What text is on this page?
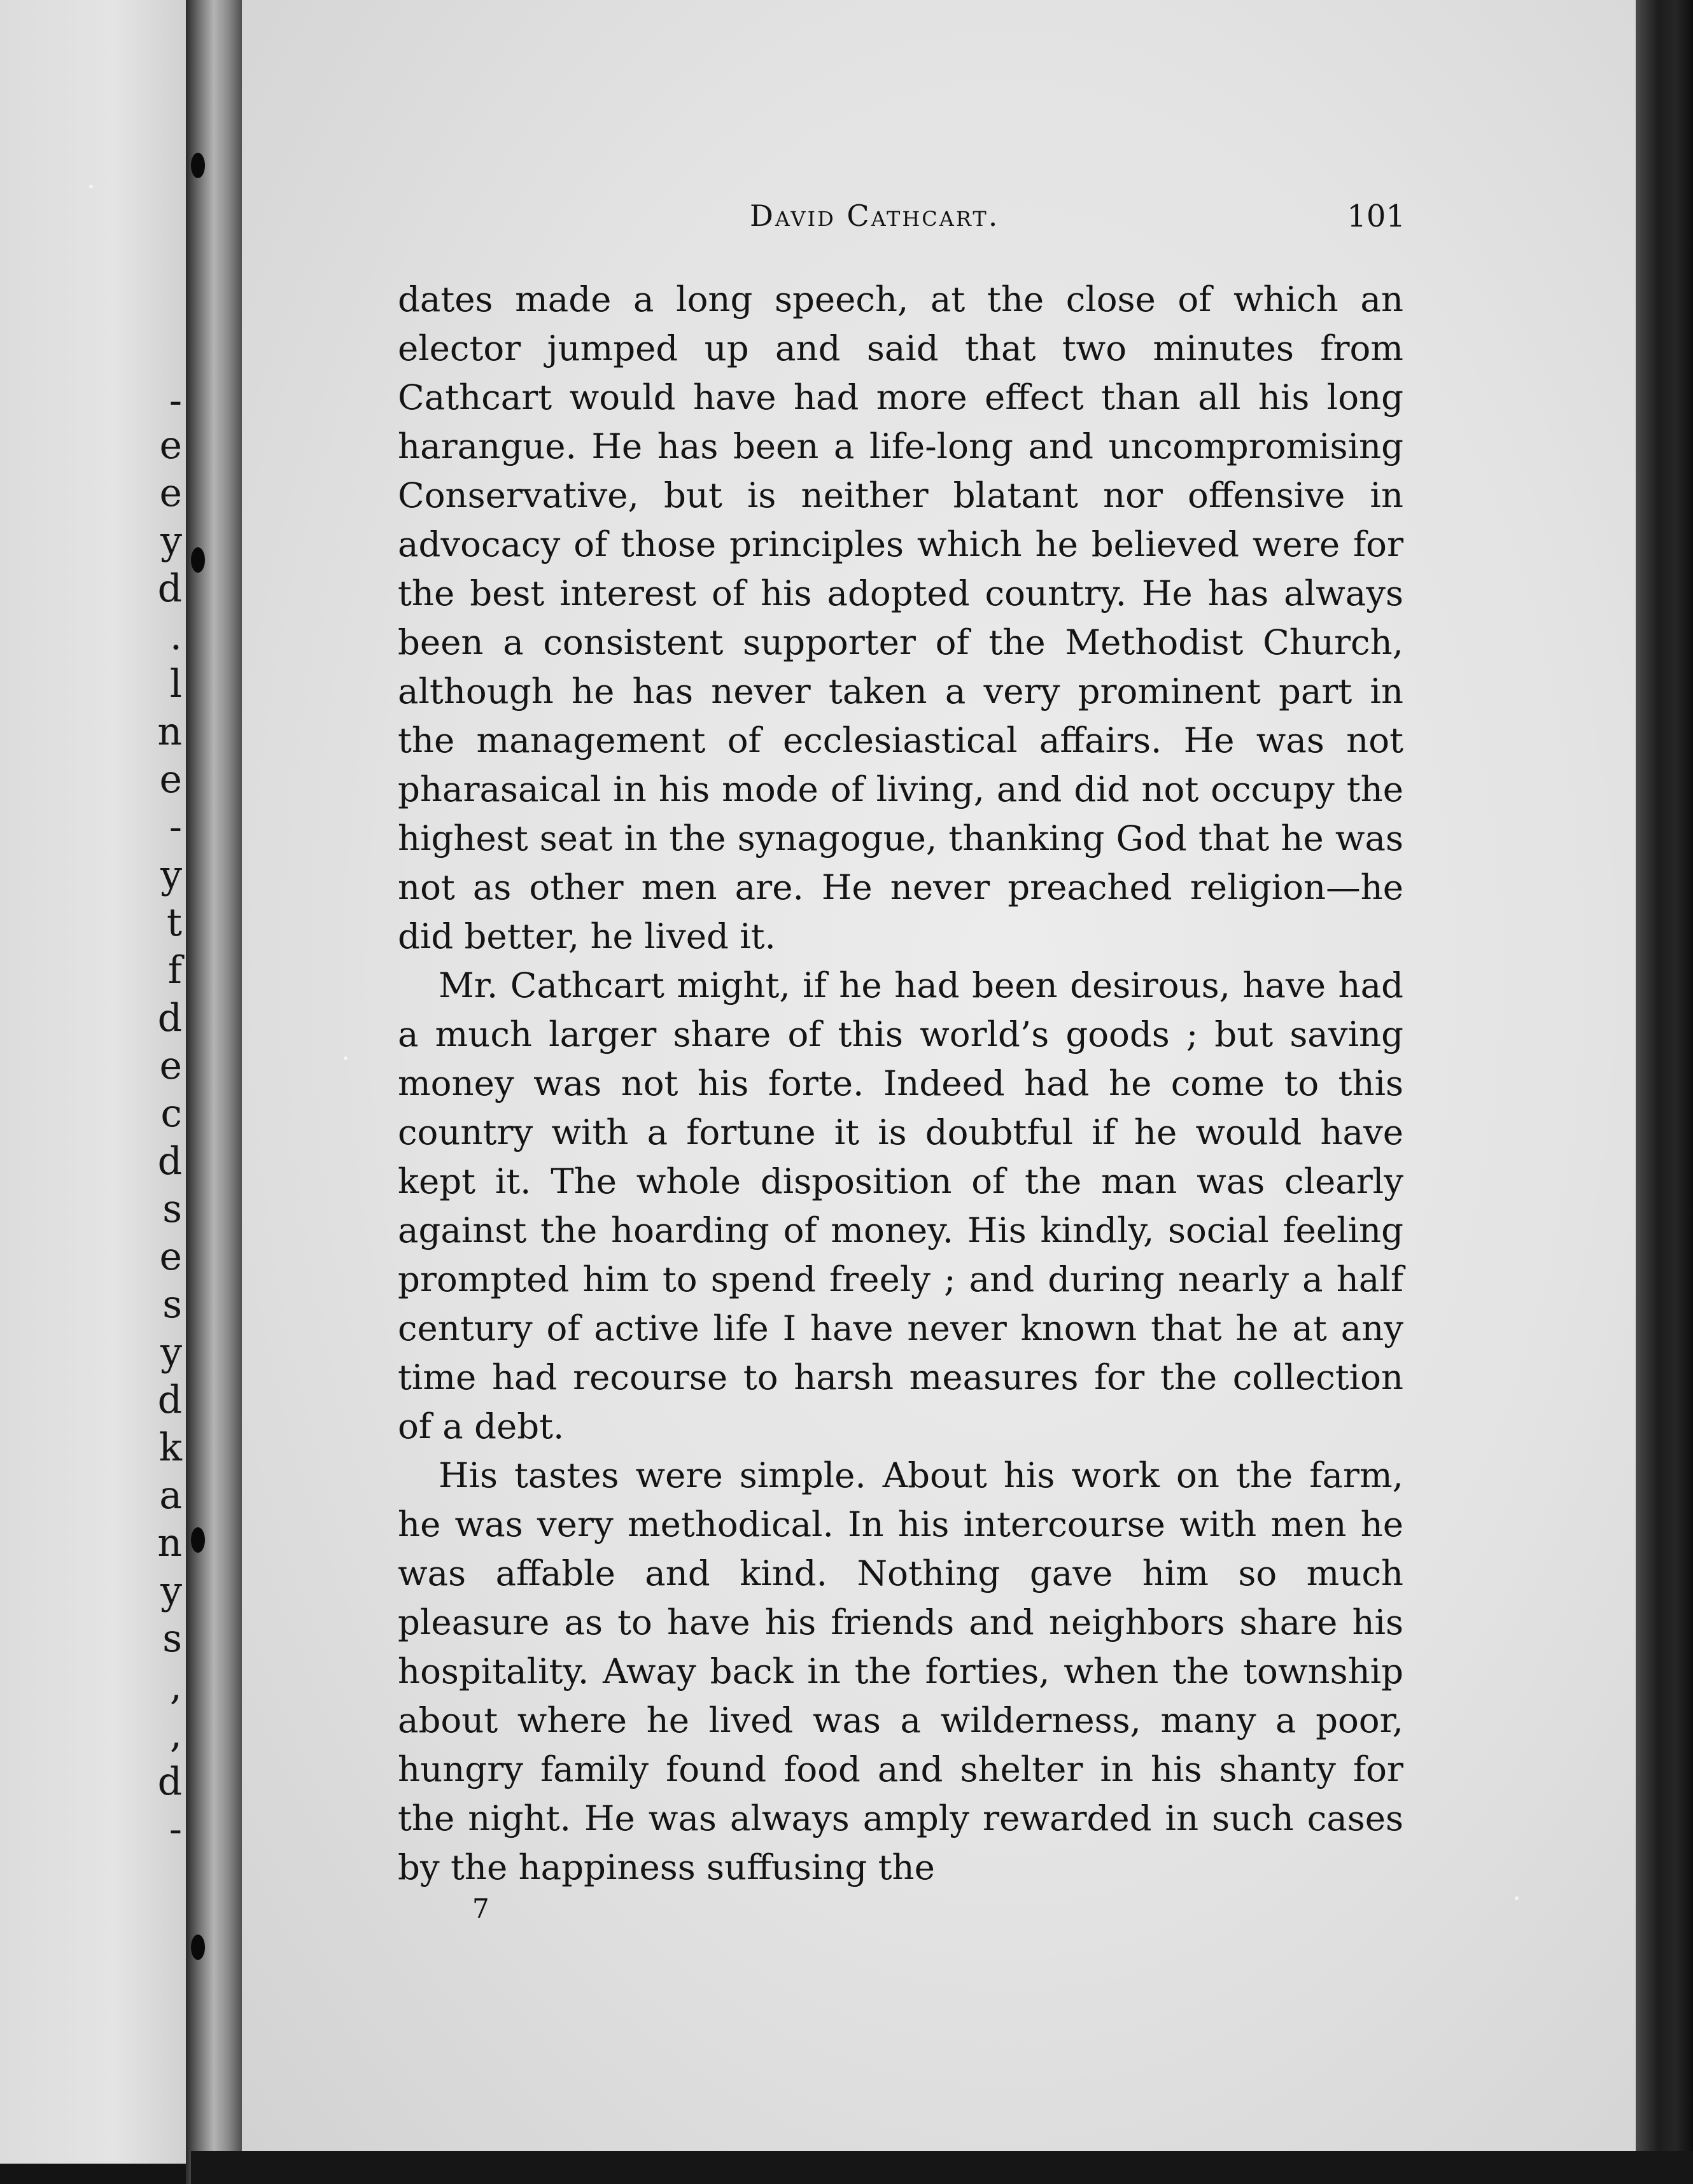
-
e
e
y
d
.
l
n
e
-
y
t
f
d
e
c
d
s
e
s
y
d
k
a
n
y
s
,
,
d
-
David Cathcart.	101

dates made a long speech, at the close of which an elector jumped up and said that two minutes from Cathcart would have had more effect than all his long harangue. He has been a life-long and uncompromising Conservative, but is neither blatant nor offensive in advocacy of those principles which he believed were for the best interest of his adopted country. He has always been a consistent supporter of the Methodist Church, although he has never taken a very prominent part in the management of ecclesiastical affairs. He was not pharasaical in his mode of living, and did not occupy the highest seat in the synagogue, thanking God that he was not as other men are. He never preached religion—he did better, he lived it.

Mr. Cathcart might, if he had been desirous, have had a much larger share of this world’s goods ; but saving money was not his forte. Indeed had he come to this country with a fortune it is doubtful if he would have kept it. The whole disposition of the man was clearly against the hoarding of money. His kindly, social feeling prompted him to spend freely ; and during nearly a half century of active life I have never known that he at any time had recourse to harsh measures for the collection of a debt.

His tastes were simple. About his work on the farm, he was very methodical. In his intercourse with men he was affable and kind. Nothing gave him so much pleasure as to have his friends and neighbors share his hospitality. Away back in the forties, when the township about where he lived was a wilderness, many a poor, hungry family found food and shelter in his shanty for the night. He was always amply rewarded in such cases by the happiness suffusing the

7
